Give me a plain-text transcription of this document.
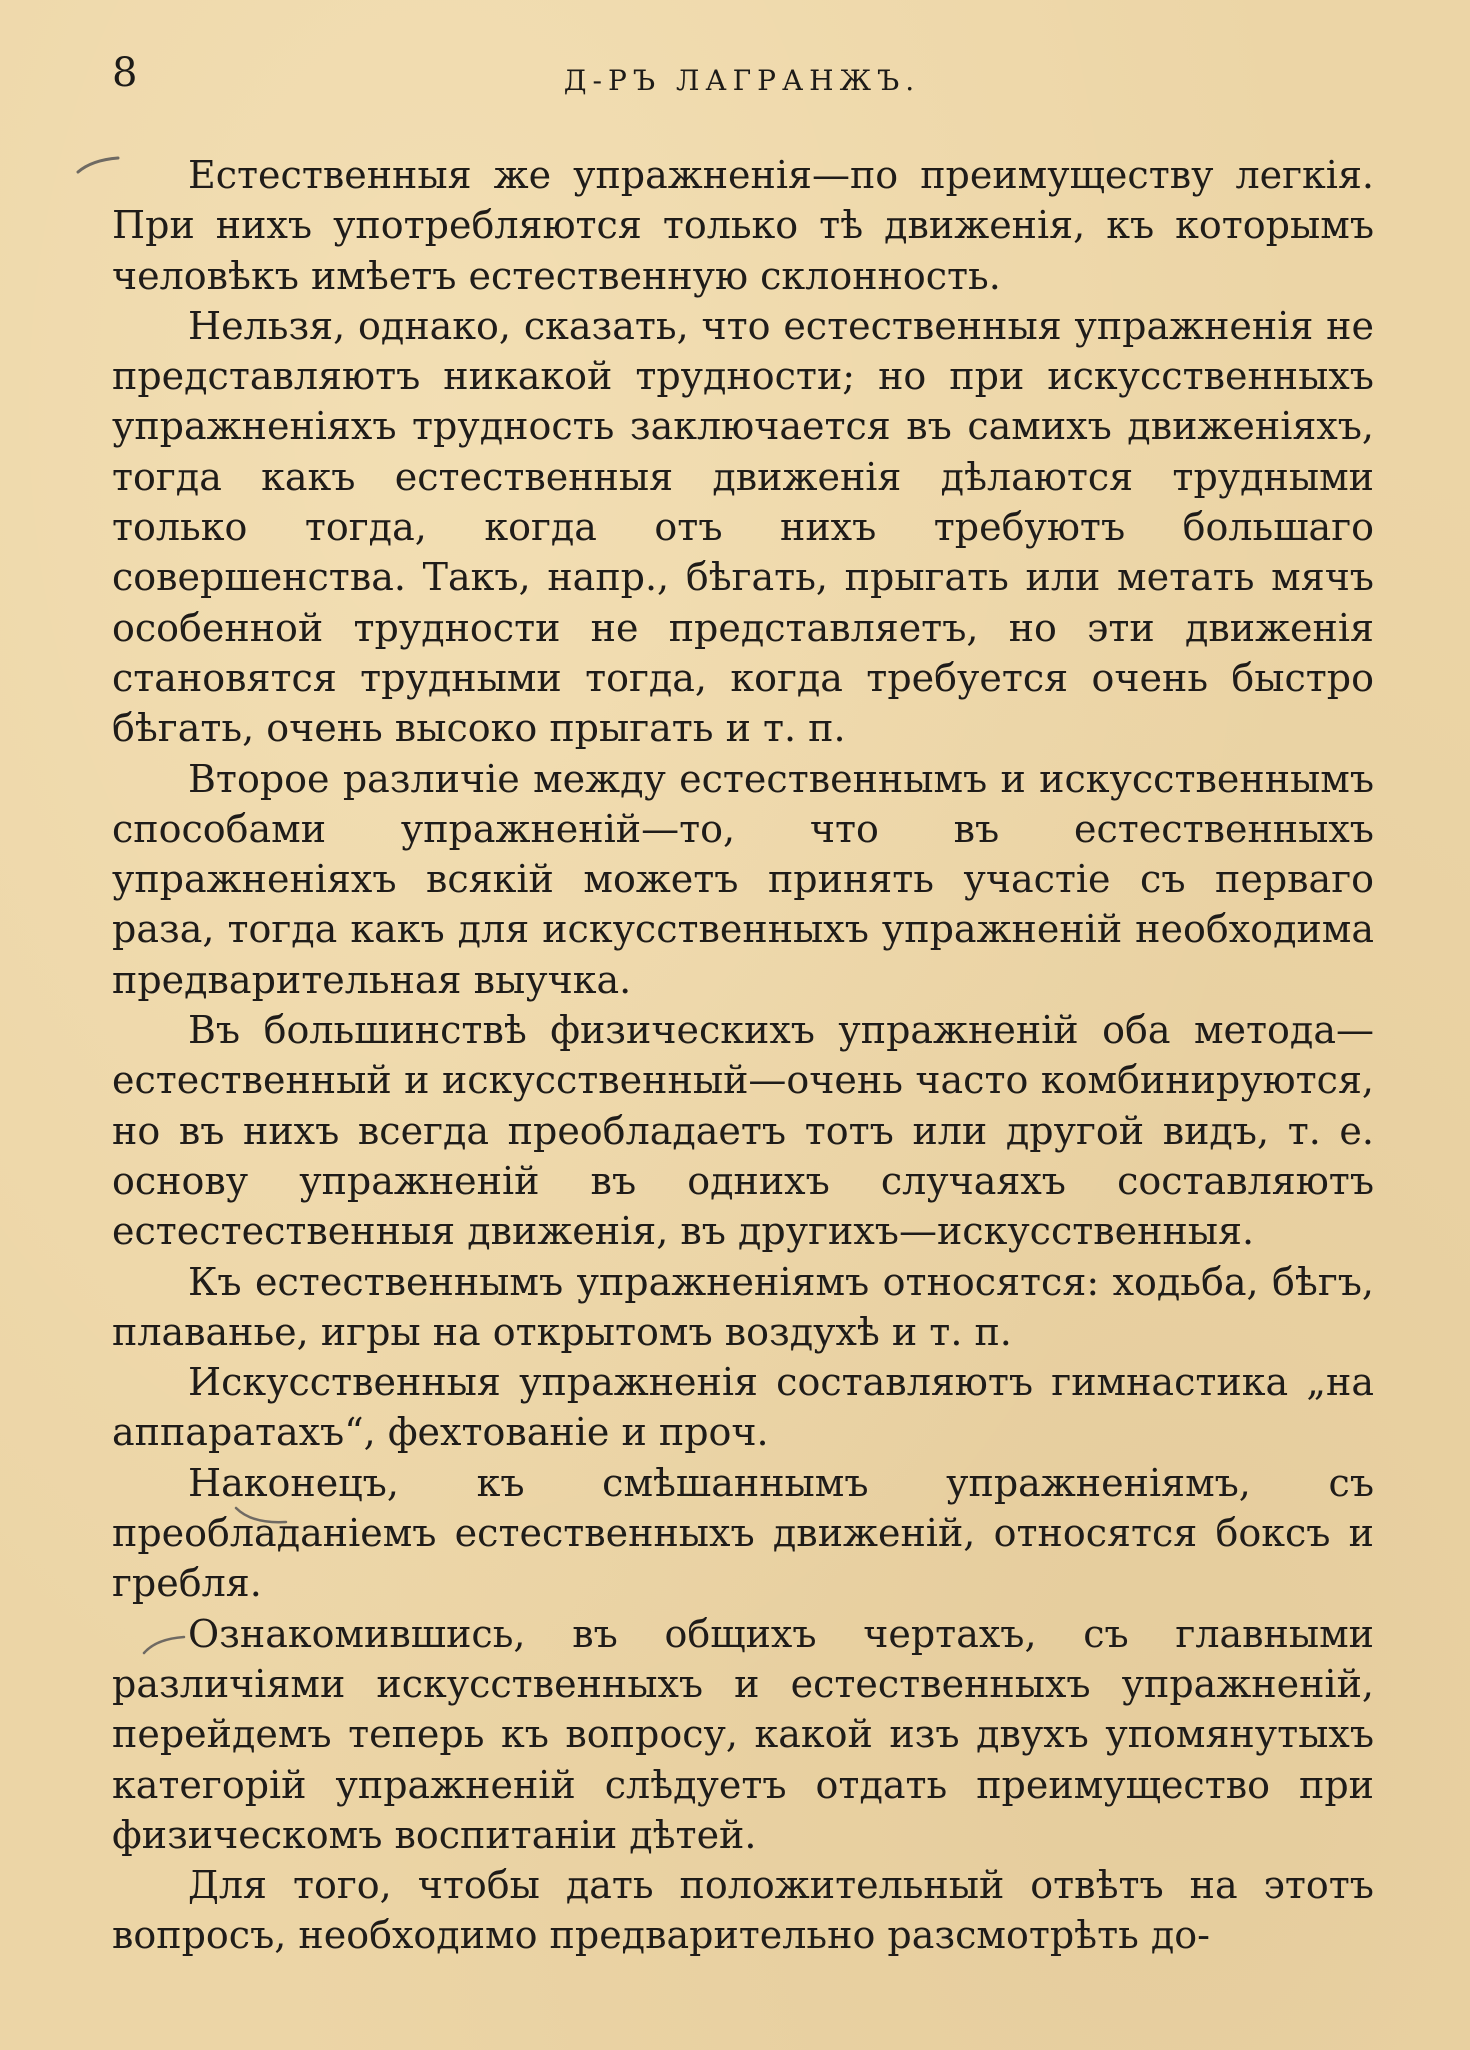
8	Д-РЪ ЛАГРАНЖЪ.

Естественныя же упражненія—по преимуществу легкія. При нихъ употребляются только тѣ движенія, къ которымъ человѣкъ имѣетъ естественную склонность.

Нельзя, однако, сказать, что естественныя упражненія не представляютъ никакой трудности; но при искусственныхъ упражненіяхъ трудность заключается въ самихъ движеніяхъ, тогда какъ естественныя движенія дѣлаются трудными только тогда, когда отъ нихъ требуютъ большаго совершенства. Такъ, напр., бѣгать, прыгать или метать мячъ особенной трудности не представляетъ, но эти движенія становятся трудными тогда, когда требуется очень быстро бѣгать, очень высоко прыгать и т. п.

Второе различіе между естественнымъ и искусственнымъ способами упражненій—то, что въ естественныхъ упражненіяхъ всякій можетъ принять участіе съ перваго раза, тогда какъ для искусственныхъ упражненій необходима предварительная выучка.

Въ большинствѣ физическихъ упражненій оба метода—естественный и искусственный—очень часто комбинируются, но въ нихъ всегда преобладаетъ тотъ или другой видъ, т. е. основу упражненій въ однихъ случаяхъ составляютъ естестественныя движенія, въ другихъ—искусственныя.

Къ естественнымъ упражненіямъ относятся: ходьба, бѣгъ, плаванье, игры на открытомъ воздухѣ и т. п.

Искусственныя упражненія составляютъ гимнастика „на аппаратахъ“, фехтованіе и проч.

Наконецъ, къ смѣшаннымъ упражненіямъ, съ преобладаніемъ естественныхъ движеній, относятся боксъ и гребля.

Ознакомившись, въ общихъ чертахъ, съ главными различіями искусственныхъ и естественныхъ упражненій, перейдемъ теперь къ вопросу, какой изъ двухъ упомянутыхъ категорій упражненій слѣдуетъ отдать преимущество при физическомъ воспитаніи дѣтей.

Для того, чтобы дать положительный отвѣтъ на этотъ вопросъ, необходимо предварительно разсмотрѣть до-
